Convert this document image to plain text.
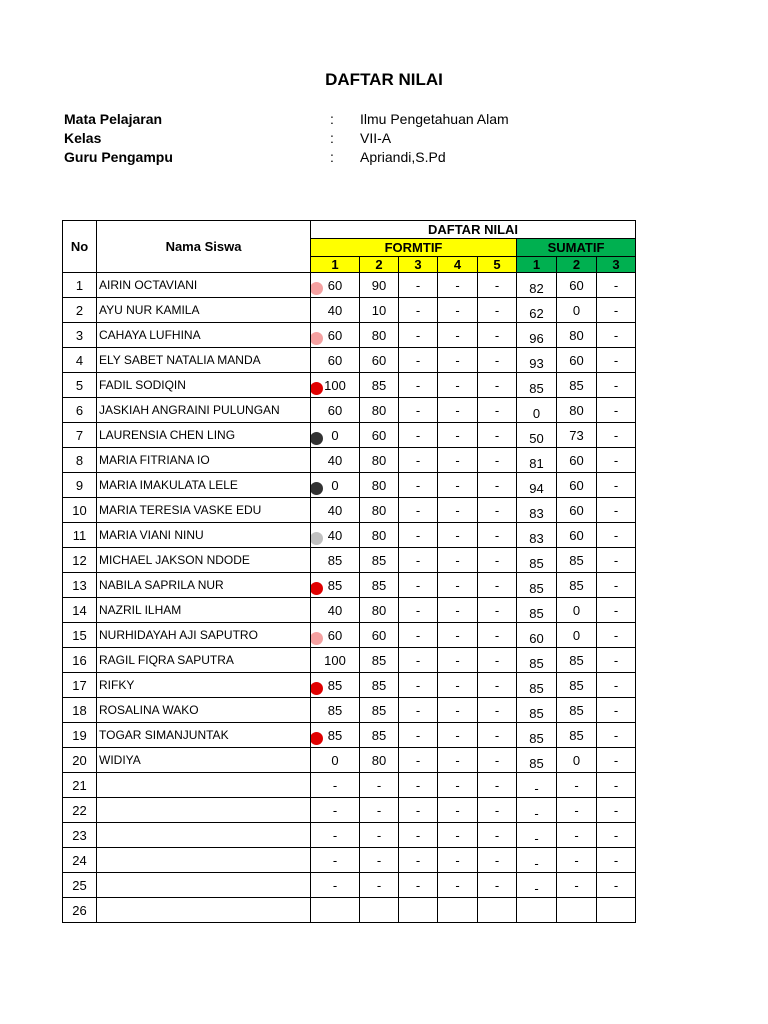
DAFTAR NILAI
Mata Pelajaran	: Ilmu Pengetahuan Alam
Kelas	: VII-A
Guru Pengampu	: Apriandi,S.Pd
No	Nama Siswa	DAFTAR NILAI							
		FORMTIF					SUMATIF		
		1	2	3	4	5	1	2	3
1	AIRIN OCTAVIANI	60	90	-	-	-	82	60	-
2	AYU NUR KAMILA	40	10	-	-	-	62	0	-
3	CAHAYA LUFHINA	60	80	-	-	-	96	80	-
4	ELY SABET NATALIA MANDA	60	60	-	-	-	93	60	-
5	FADIL SODIQIN	100	85	-	-	-	85	85	-
6	JASKIAH ANGRAINI PULUNGAN	60	80	-	-	-	0	80	-
7	LAURENSIA CHEN LING	0	60	-	-	-	50	73	-
8	MARIA FITRIANA IO	40	80	-	-	-	81	60	-
9	MARIA IMAKULATA LELE	0	80	-	-	-	94	60	-
10	MARIA TERESIA VASKE EDU	40	80	-	-	-	83	60	-
11	MARIA VIANI NINU	40	80	-	-	-	83	60	-
12	MICHAEL JAKSON NDODE	85	85	-	-	-	85	85	-
13	NABILA SAPRILA NUR	85	85	-	-	-	85	85	-
14	NAZRIL ILHAM	40	80	-	-	-	85	0	-
15	NURHIDAYAH AJI SAPUTRO	60	60	-	-	-	60	0	-
16	RAGIL FIQRA SAPUTRA	100	85	-	-	-	85	85	-
17	RIFKY	85	85	-	-	-	85	85	-
18	ROSALINA WAKO	85	85	-	-	-	85	85	-
19	TOGAR SIMANJUNTAK	85	85	-	-	-	85	85	-
20	WIDIYA	0	80	-	-	-	85	0	-
21		-	-	-	-	-	-	-	-
22		-	-	-	-	-	-	-	-
23		-	-	-	-	-	-	-	-
24		-	-	-	-	-	-	-	-
25		-	-	-	-	-	-	-	-
26									
